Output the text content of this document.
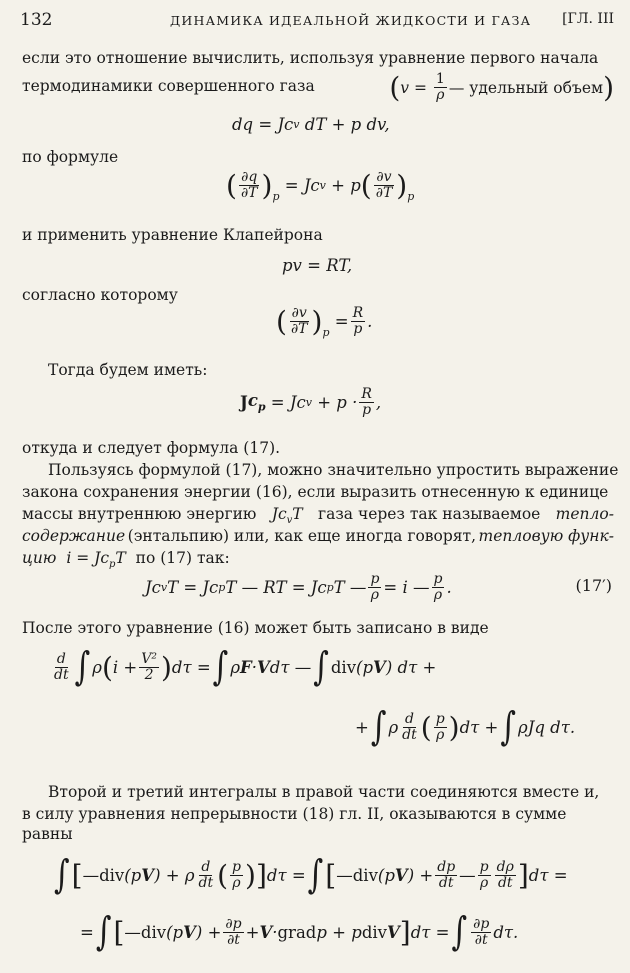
132	ДИНАМИКА ИДЕАЛЬНОЙ ЖИДКОСТИ И ГАЗА [ГЛ. III
если это отношение вычислить, используя уравнение первого начала
термодинамики совершенного газа	( $v = \frac{1}{\rho}$ — удельный объем )
dq = Jc v dT + p dv,
по формуле
( $\frac{\partial q}{\partial T} )_p$
= $Jc^v + p$ ( $\frac{\partial v}{\partial T} )_p$
и применить уравнение Клапейрона
pv = RT,
согласно которому
( $\frac{\partial v}{\partial T} )_p$
= $\frac{R}{p}$ .
Тогда будем иметь:
J $c_p = Jc$ $v + p \cdot \frac{R}{p}$ ,
откуда и следует формула (17).
Пользуясь формулой (17), можно значительно упростить выражение
закона сохранения энергии (16), если выразить отнесенную к единице
массы внутреннюю энергию $Jc_vT$ газа через так называемое тепло-
содержание (энтальпию) или, как еще иногда говорят, тепловую функ-
цию  $i = Jc_pT$  по (17) так:
Jc v T = Jc p T — RT = Jc p T — $\frac{p}{\rho} = i$ — $\frac{p}{\rho}$ .	(17′)
После этого уравнение (16) может быть записано в виде
$\frac{d}{dt}$ ∫ ρ ( $i + \frac{\text{V²}}{2}$ ) dτ = ∫ ρ F · V dτ — ∫ div (p V ) dτ +
+ ∫ ρ $\frac{d}{dt}$ ( $\frac{p}{\rho}$ ) dτ + ∫ ρJq dτ.
Второй и третий интегралы в правой части соединяются вместе и,
в силу уравнения непрерывности (18) гл. II, оказываются в сумме
равны
∫ [ — div (p V ) + ρ $\frac{d}{dt}$ ( $\frac{p}{\rho}$ ) ] dτ = ∫ [ — div (p V ) + $\frac{dp}{dt}$ — $\frac{p}{\rho} \frac{d\rho}{dt}$ ] dτ =
= ∫ [ — div (p V ) + $\frac{\partial p}{\partial t} + V$ · grad p + p div V ] dτ = ∫ $\frac{\partial p}{\partial t} d\tau$.
